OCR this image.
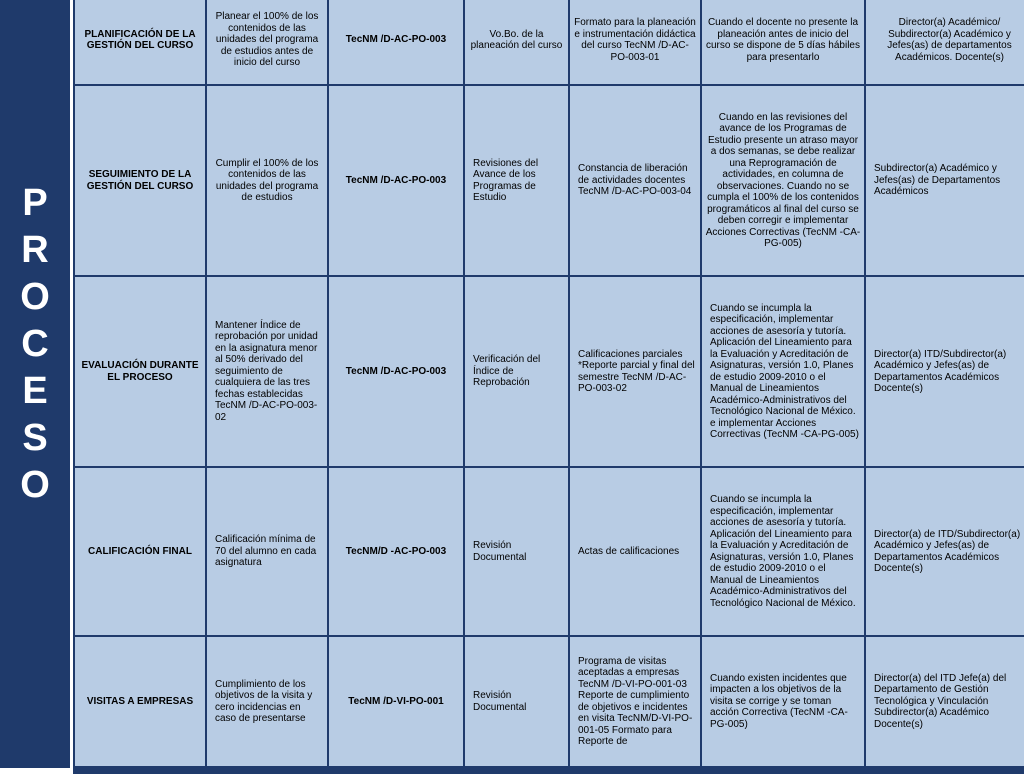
P
R
O
C
E
S
O
PLANIFICACIÓN DE LA GESTIÓN DEL CURSO	Planear el 100% de los contenidos de las unidades del programa de estudios antes de inicio del curso	TecNM /D-AC-PO-003	Vo.Bo. de la planeación del curso	Formato para la planeación e instrumentación didáctica del curso TecNM /D-AC-PO-003-01	Cuando el docente no presente la planeación antes de inicio del curso se dispone de 5 días hábiles para presentarlo	Director(a) Académico/ Subdirector(a) Académico y Jefes(as) de departamentos Académicos. Docente(s)
SEGUIMIENTO DE LA GESTIÓN DEL CURSO	Cumplir el 100% de los contenidos de las unidades del programa de estudios	TecNM /D-AC-PO-003	Revisiones del Avance de los Programas de Estudio	Constancia de liberación de actividades docentes TecNM /D-AC-PO-003-04	Cuando en las revisiones del avance de los Programas de Estudio presente un atraso mayor a dos semanas, se debe realizar una Reprogramación de actividades, en columna de observaciones. Cuando no se cumpla el 100% de los contenidos programáticos al final del curso se deben corregir e implementar Acciones Correctivas (TecNM -CA-PG-005)	Subdirector(a) Académico y Jefes(as) de Departamentos Académicos
EVALUACIÓN DURANTE EL PROCESO	Mantener Índice de reprobación por unidad en la asignatura menor al 50% derivado del seguimiento de cualquiera de las tres fechas establecidas TecNM /D-AC-PO-003-02	TecNM /D-AC-PO-003	Verificación del Índice de Reprobación	Calificaciones parciales *Reporte parcial y final del semestre TecNM /D-AC-PO-003-02	Cuando se incumpla la especificación, implementar acciones de asesoría y tutoría. Aplicación del Lineamiento para la Evaluación y Acreditación de Asignaturas, versión 1.0, Planes de estudio 2009-2010 o el Manual de Lineamientos Académico-Administrativos del Tecnológico Nacional de México. e implementar Acciones Correctivas (TecNM -CA-PG-005)	Director(a) ITD/Subdirector(a) Académico y Jefes(as) de Departamentos Académicos Docente(s)
CALIFICACIÓN FINAL	Calificación mínima de 70 del alumno en cada asignatura	TecNM/D -AC-PO-003	Revisión Documental	Actas de calificaciones	Cuando se incumpla la especificación, implementar acciones de asesoría y tutoría. Aplicación del Lineamiento para la Evaluación y Acreditación de Asignaturas, versión 1.0, Planes de estudio 2009-2010 o el Manual de Lineamientos Académico-Administrativos del Tecnológico Nacional de México.	Director(a) de ITD/Subdirector(a) Académico y Jefes(as) de Departamentos Académicos Docente(s)
VISITAS A EMPRESAS	Cumplimiento de los objetivos de la visita y cero incidencias en caso de presentarse	TecNM /D-VI-PO-001	Revisión Documental	Programa de visitas aceptadas a empresas TecNM /D-VI-PO-001-03 Reporte de cumplimiento de objetivos e incidentes en visita TecNM/D-VI-PO-001-05 Formato para Reporte de	Cuando existen incidentes que impacten a los objetivos de la visita se corrige y se toman acción Correctiva (TecNM -CA-PG-005)	Director(a) del ITD Jefe(a) del Departamento de Gestión Tecnológica y Vinculación Subdirector(a) Académico Docente(s)
